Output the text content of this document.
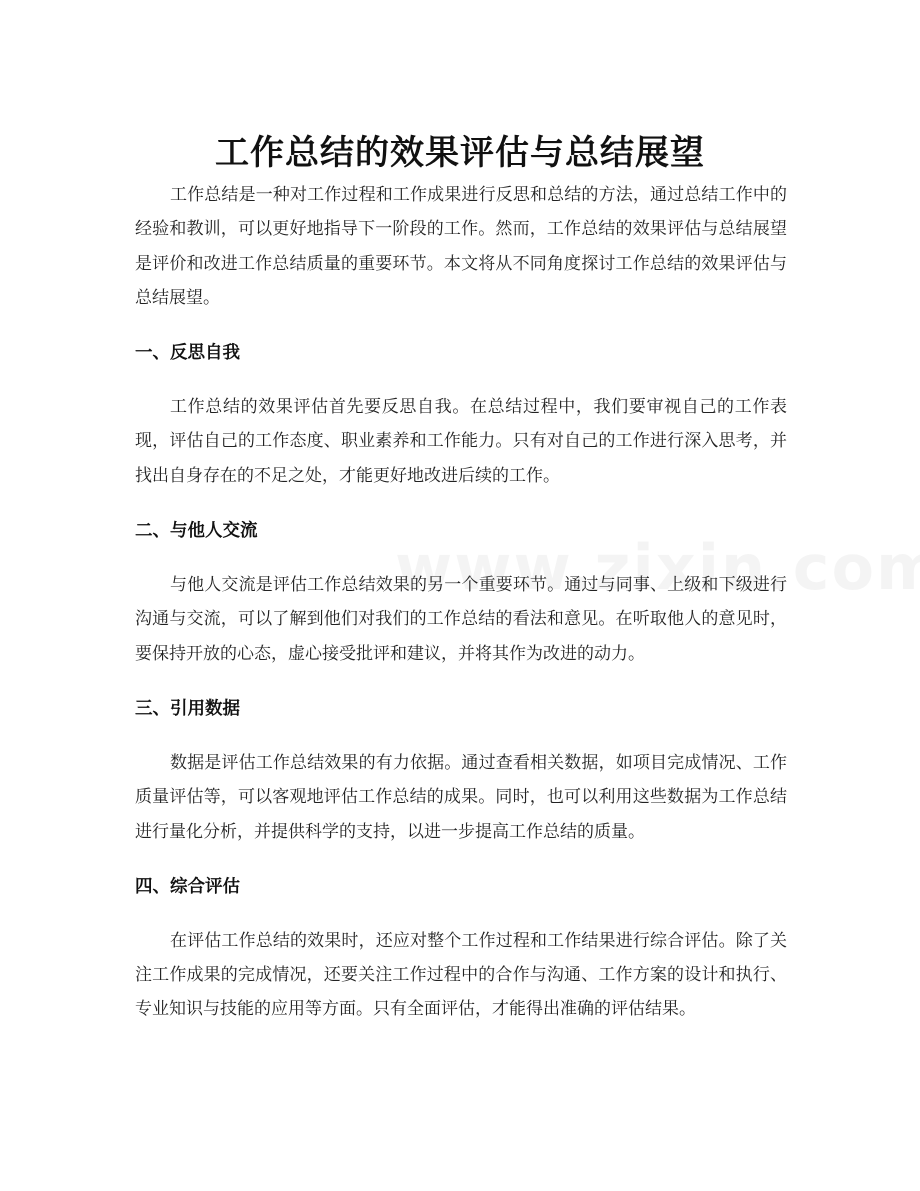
工作总结的效果评估与总结展望

工作总结是一种对工作过程和工作成果进行反思和总结的方法，通过总结工作中的经验和教训，可以更好地指导下一阶段的工作。然而，工作总结的效果评估与总结展望是评价和改进工作总结质量的重要环节。本文将从不同角度探讨工作总结的效果评估与总结展望。

一、反思自我

工作总结的效果评估首先要反思自我。在总结过程中，我们要审视自己的工作表现，评估自己的工作态度、职业素养和工作能力。只有对自己的工作进行深入思考，并找出自身存在的不足之处，才能更好地改进后续的工作。

二、与他人交流

与他人交流是评估工作总结效果的另一个重要环节。通过与同事、上级和下级进行沟通与交流，可以了解到他们对我们的工作总结的看法和意见。在听取他人的意见时，要保持开放的心态，虚心接受批评和建议，并将其作为改进的动力。

三、引用数据

数据是评估工作总结效果的有力依据。通过查看相关数据，如项目完成情况、工作质量评估等，可以客观地评估工作总结的成果。同时，也可以利用这些数据为工作总结进行量化分析，并提供科学的支持，以进一步提高工作总结的质量。

四、综合评估

在评估工作总结的效果时，还应对整个工作过程和工作结果进行综合评估。除了关注工作成果的完成情况，还要关注工作过程中的合作与沟通、工作方案的设计和执行、专业知识与技能的应用等方面。只有全面评估，才能得出准确的评估结果。
